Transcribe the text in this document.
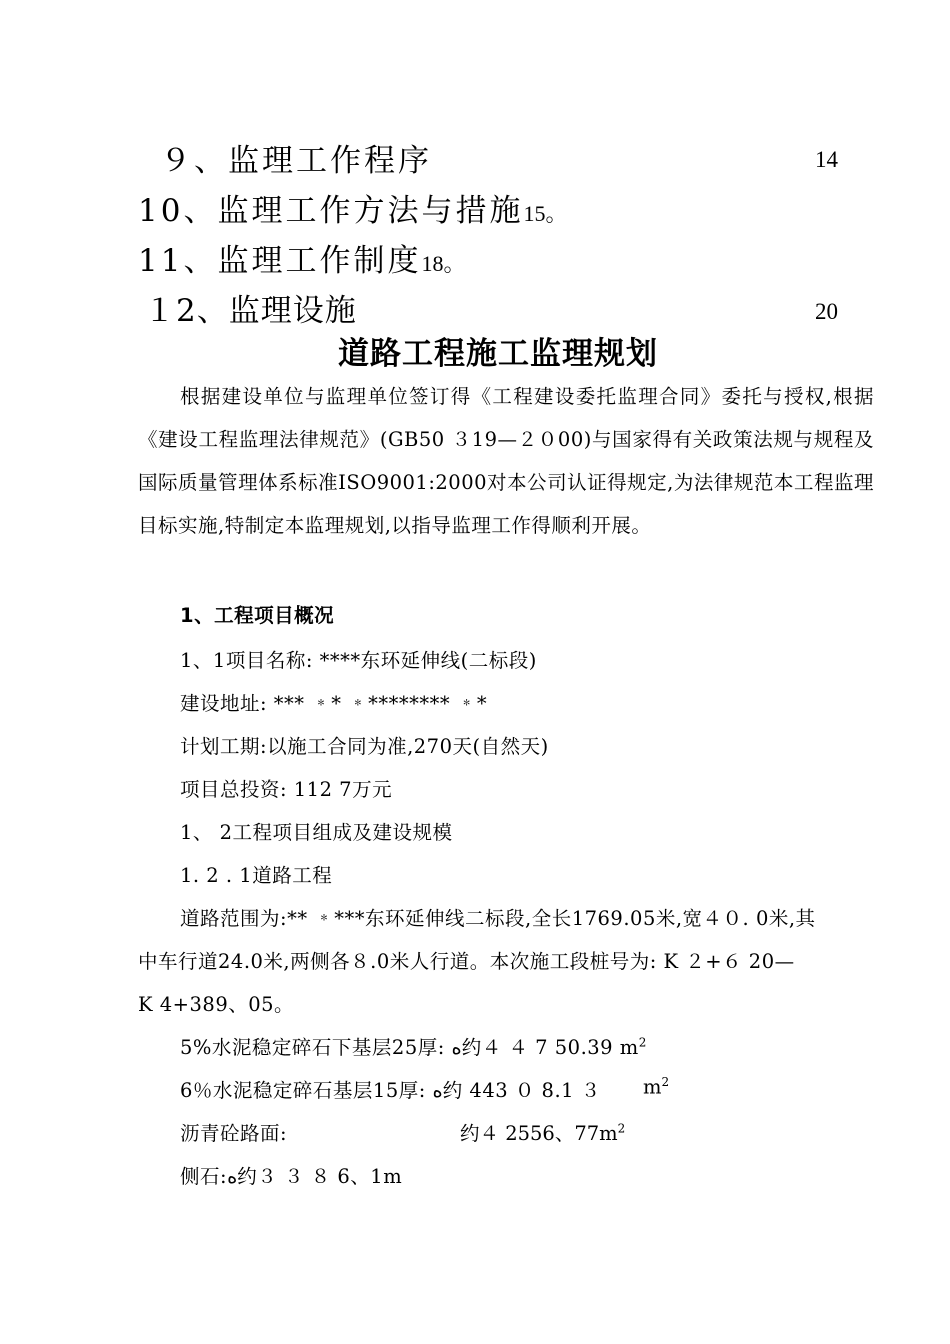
９、监理工作程序	14
10、监理工作方法与措施15。
11、监理工作制度18。
１2、监理设施	20
道路工程施工监理规划
根据建设单位与监理单位签订得《工程建设委托监理合同》委托与授权,根据《建设工程监理法律规范》(GB50 ３19—２０00)与国家得有关政策法规与规程及国际质量管理体系标准ISO9001:2000对本公司认证得规定,为法律规范本工程监理目标实施,特制定本监理规划,以指导监理工作得顺利开展。
1、工程项目概况
1、1项目名称: ****东环延伸线(二标段)
建设地址: *** ﹡* ﹡******** ﹡*
计划工期:以施工合同为准,270天(自然天)
项目总投资: 112 7万元
1、 2工程项目组成及建设规模
1. 2 . 1道路工程
道路范围为:** ﹡***东环延伸线二标段,全长1769.05米,宽４０. 0米,其
中车行道24.0米,两侧各８.0米人行道。本次施工段桩号为: K ２+６ 20—
K 4+389、05。
5%水泥稳定碎石下基层25厚: ﻩ约４ ４ 7 50.39 $m^2$
6％水泥稳定碎石基层15厚: ﻩ约 443 ０ 8.1 ３ $m^2$
沥青砼路面:	约４ 2556、$77m^2$
侧石:ﻩ约３ ３ ８ 6、1m
